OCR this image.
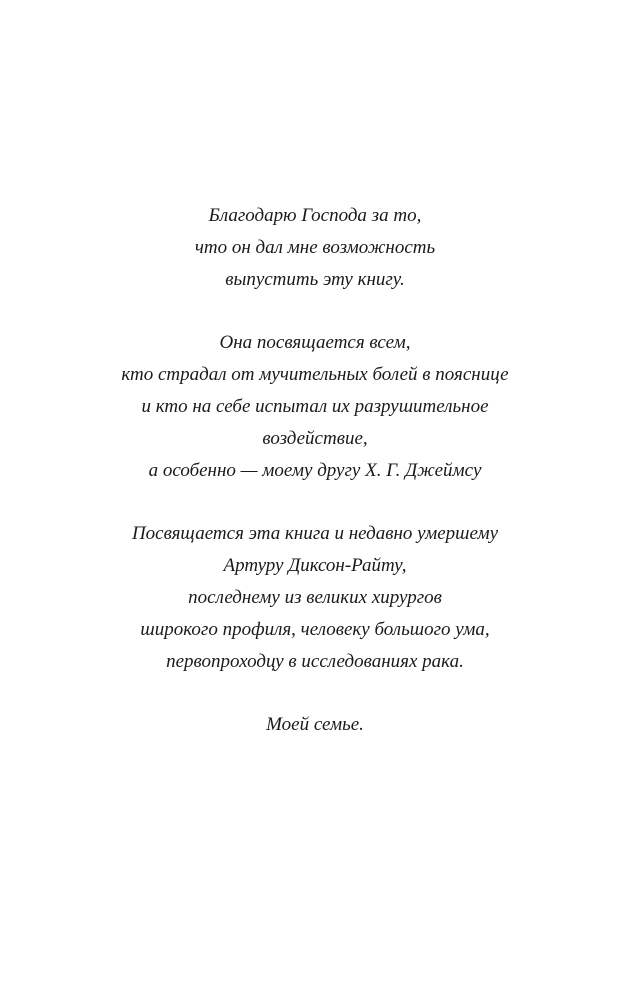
Благодарю Господа за то,
что он дал мне возможность
выпустить эту книгу.
Она посвящается всем,
кто страдал от мучительных болей в пояснице
и кто на себе испытал их разрушительное
воздействие,
а особенно — моему другу Х. Г. Джеймсу
Посвящается эта книга и недавно умершему
Артуру Диксон-Райту,
последнему из великих хирургов
широкого профиля, человеку большого ума,
первопроходцу в исследованиях рака.
Моей семье.
